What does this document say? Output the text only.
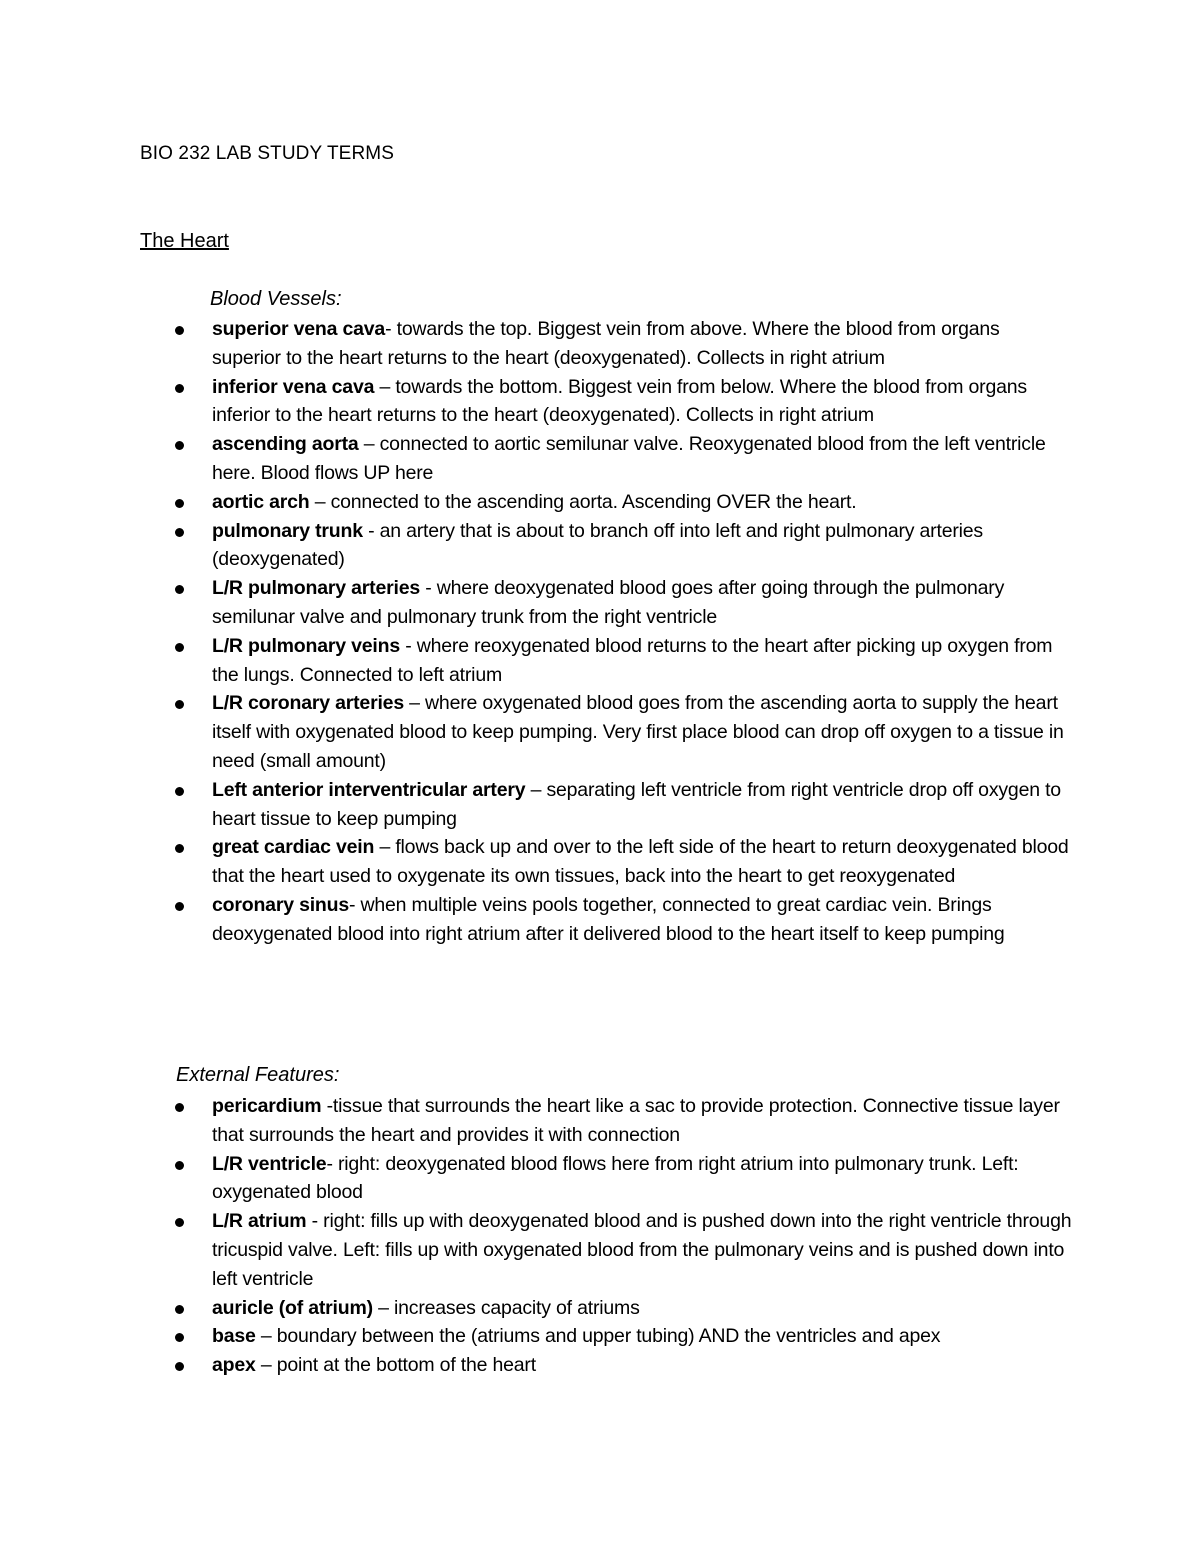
BIO 232 LAB STUDY TERMS
The Heart
Blood Vessels:
superior vena cava- towards the top. Biggest vein from above. Where the blood from organs superior to the heart returns to the heart (deoxygenated). Collects in right atrium
inferior vena cava – towards the bottom. Biggest vein from below. Where the blood from organs inferior to the heart returns to the heart (deoxygenated). Collects in right atrium
ascending aorta – connected to aortic semilunar valve. Reoxygenated blood from the left ventricle here. Blood flows UP here
aortic arch – connected to the ascending aorta. Ascending OVER the heart.
pulmonary trunk - an artery that is about to branch off into left and right pulmonary arteries (deoxygenated)
L/R pulmonary arteries - where deoxygenated blood goes after going through the pulmonary semilunar valve and pulmonary trunk from the right ventricle
L/R pulmonary veins - where reoxygenated blood returns to the heart after picking up oxygen from the lungs. Connected to left atrium
L/R coronary arteries – where oxygenated blood goes from the ascending aorta to supply the heart itself with oxygenated blood to keep pumping. Very first place blood can drop off oxygen to a tissue in need (small amount)
Left anterior interventricular artery – separating left ventricle from right ventricle drop off oxygen to heart tissue to keep pumping
great cardiac vein – flows back up and over to the left side of the heart to return deoxygenated blood that the heart used to oxygenate its own tissues, back into the heart to get reoxygenated
coronary sinus- when multiple veins pools together, connected to great cardiac vein. Brings deoxygenated blood into right atrium after it delivered blood to the heart itself to keep pumping
External Features:
pericardium -tissue that surrounds the heart like a sac to provide protection. Connective tissue layer that surrounds the heart and provides it with connection
L/R ventricle- right: deoxygenated blood flows here from right atrium into pulmonary trunk. Left: oxygenated blood
L/R atrium - right: fills up with deoxygenated blood and is pushed down into the right ventricle through tricuspid valve. Left: fills up with oxygenated blood from the pulmonary veins and is pushed down into left ventricle
auricle (of atrium) – increases capacity of atriums
base – boundary between the (atriums and upper tubing) AND the ventricles and apex
apex – point at the bottom of the heart
